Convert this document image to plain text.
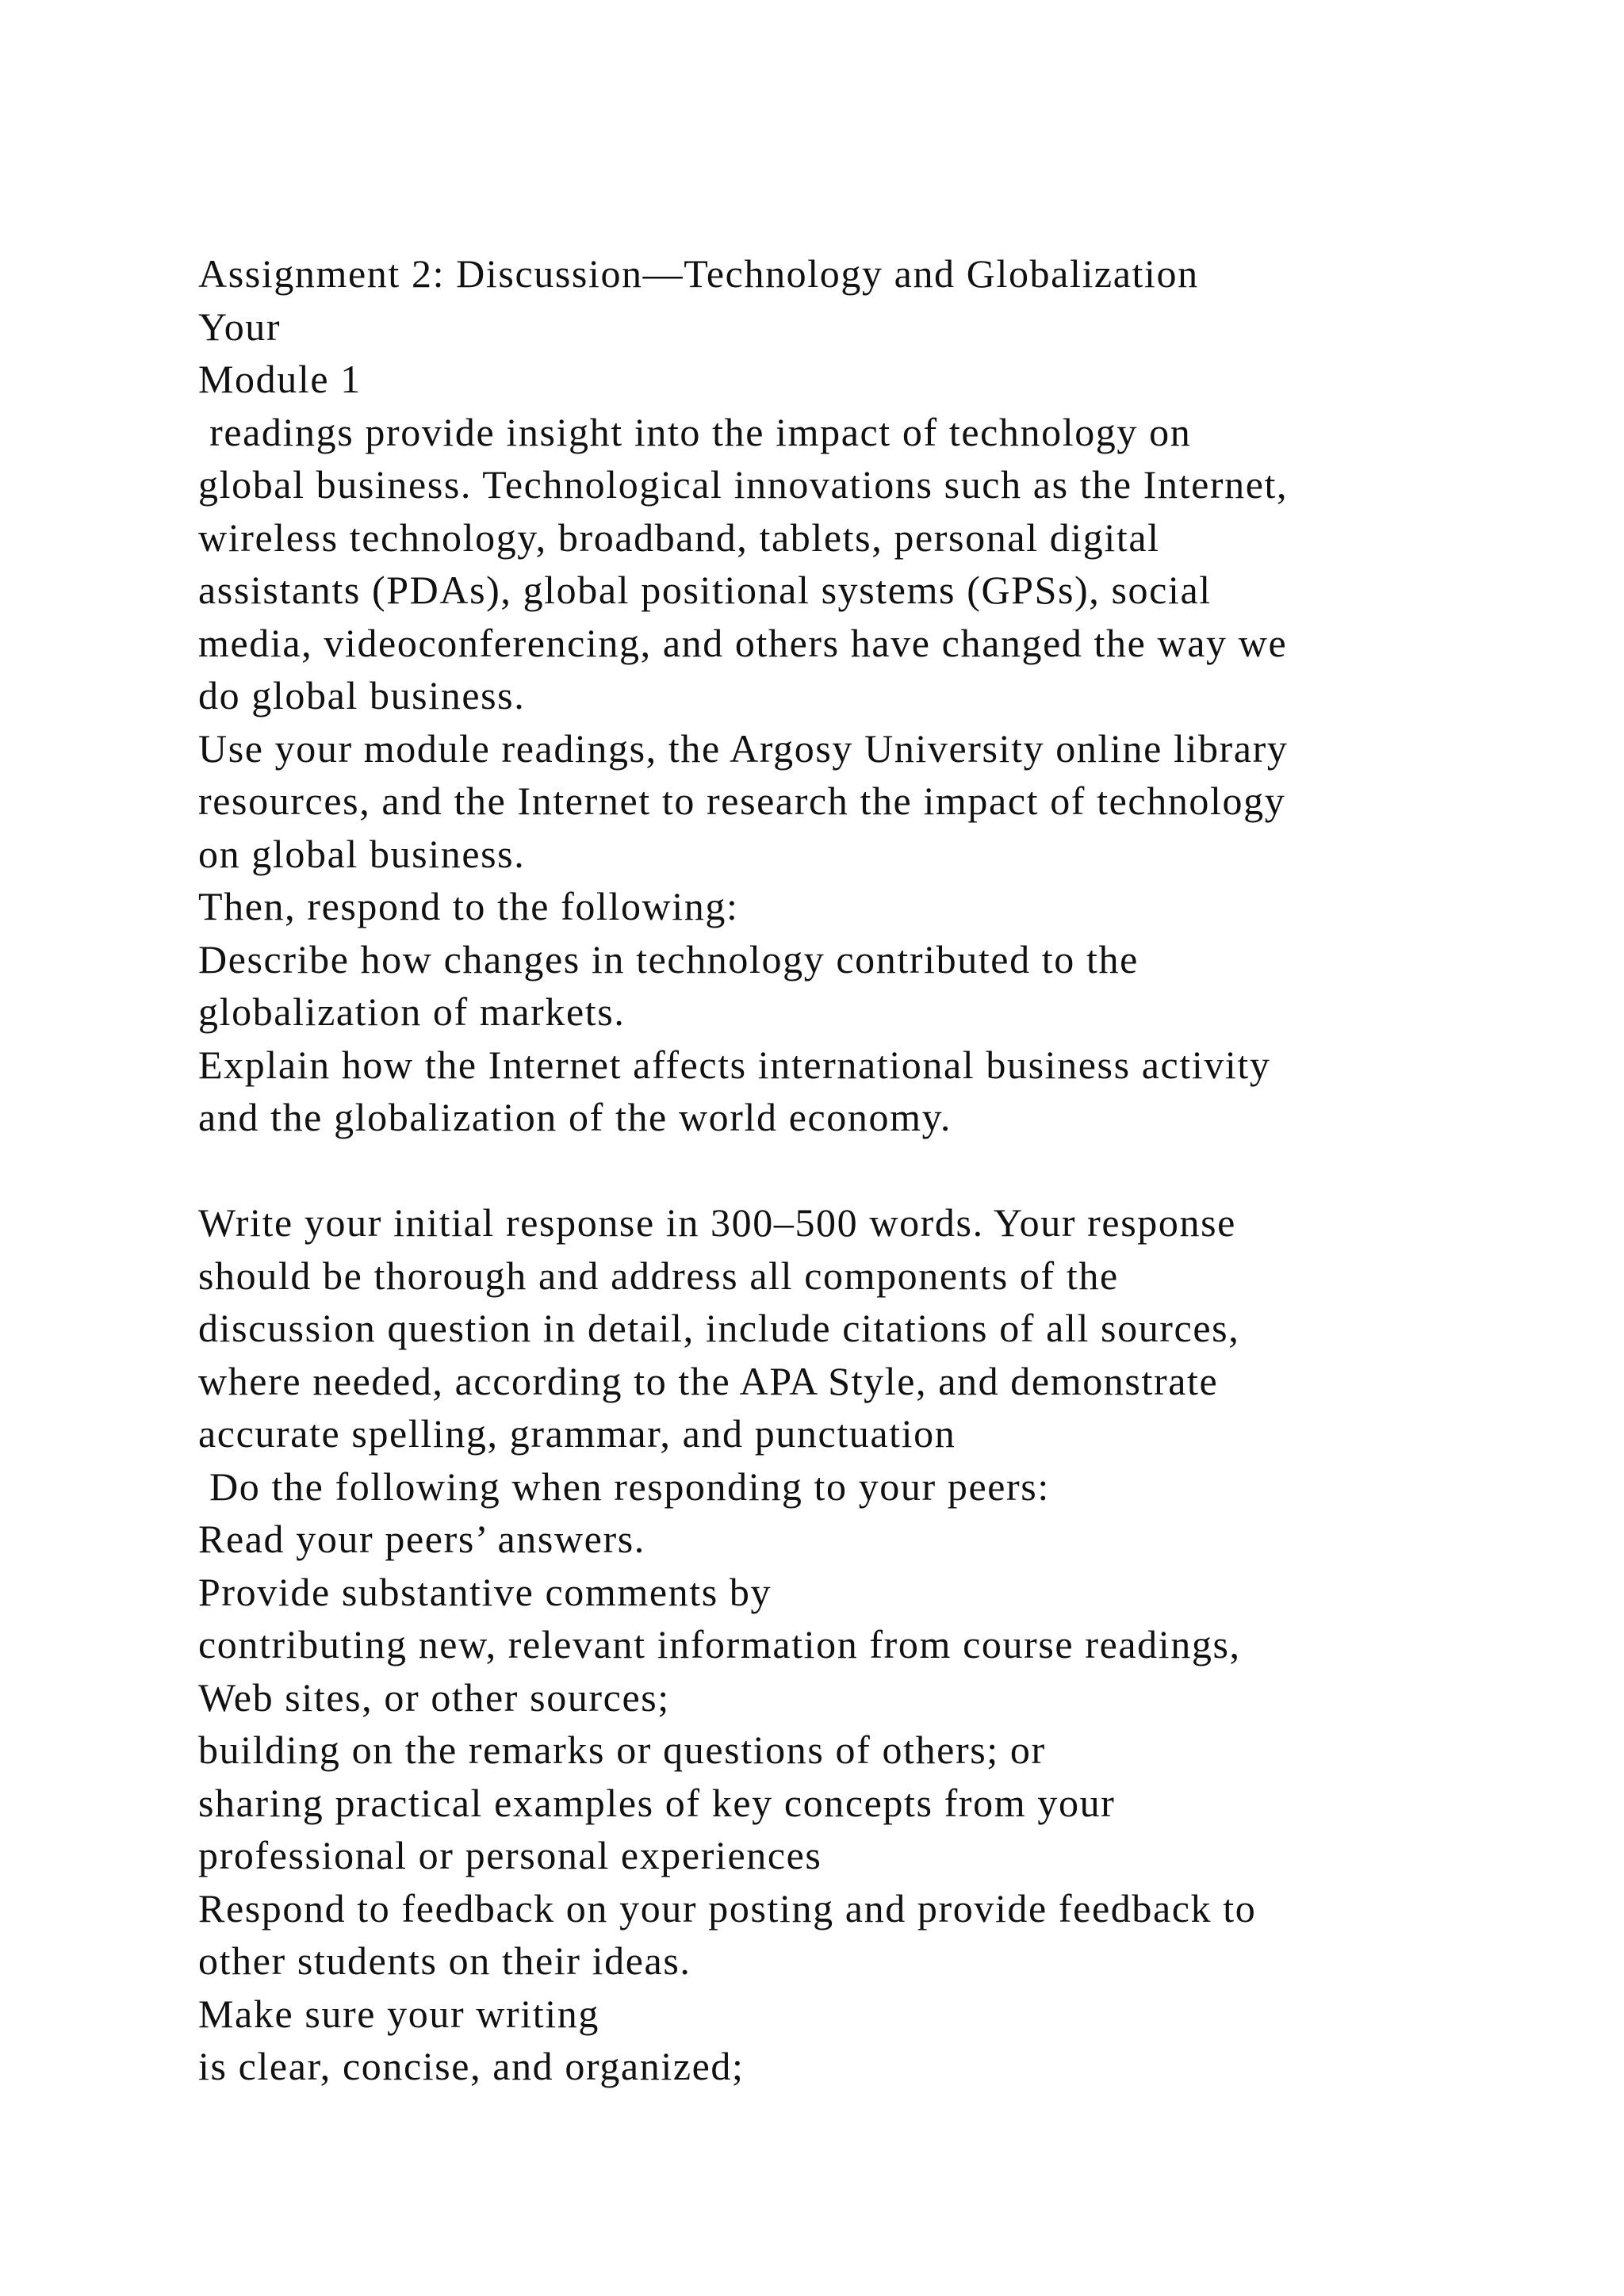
Assignment 2: Discussion—Technology and Globalization
Your
Module 1
readings provide insight into the impact of technology on
global business. Technological innovations such as the Internet,
wireless technology, broadband, tablets, personal digital
assistants (PDAs), global positional systems (GPSs), social
media, videoconferencing, and others have changed the way we
do global business.
Use your module readings, the Argosy University online library
resources, and the Internet to research the impact of technology
on global business.
Then, respond to the following:
Describe how changes in technology contributed to the
globalization of markets.
Explain how the Internet affects international business activity
and the globalization of the world economy.
Write your initial response in 300–500 words. Your response
should be thorough and address all components of the
discussion question in detail, include citations of all sources,
where needed, according to the APA Style, and demonstrate
accurate spelling, grammar, and punctuation
Do the following when responding to your peers:
Read your peers’ answers.
Provide substantive comments by
contributing new, relevant information from course readings,
Web sites, or other sources;
building on the remarks or questions of others; or
sharing practical examples of key concepts from your
professional or personal experiences
Respond to feedback on your posting and provide feedback to
other students on their ideas.
Make sure your writing
is clear, concise, and organized;
